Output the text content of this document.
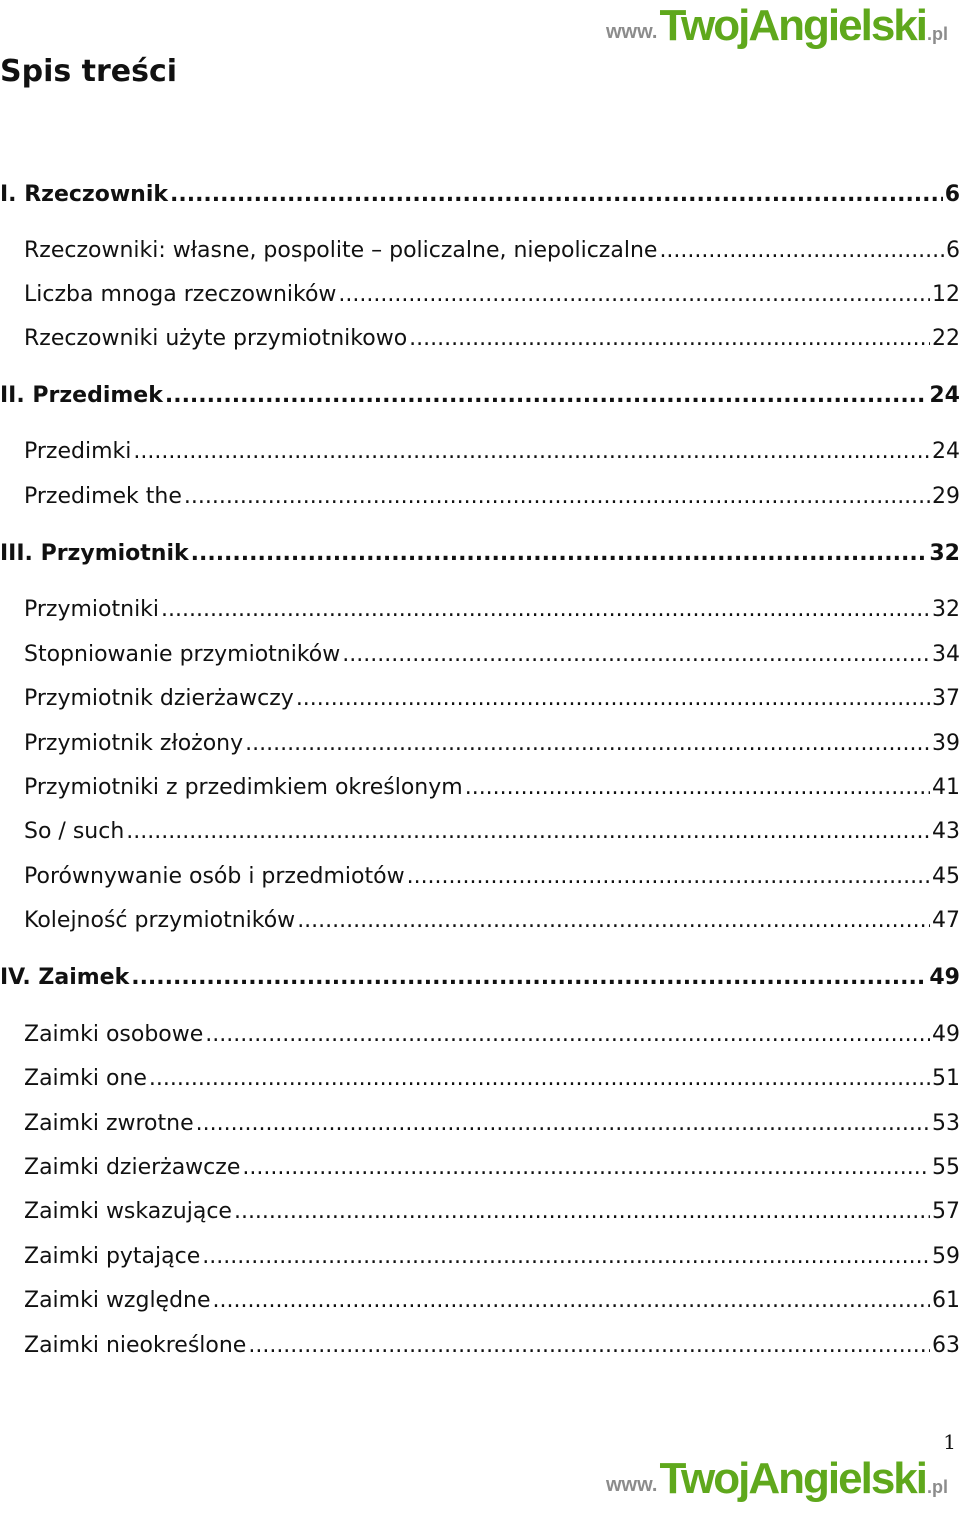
www. TwojAngielski .pl
Spis treści
I. Rzeczownik .....	6
Rzeczowniki: własne, pospolite – policzalne, niepoliczalne .....	6
Liczba mnoga rzeczowników .....	12
Rzeczowniki użyte przymiotnikowo .....	22
II. Przedimek .....	24
Przedimki .....	24
Przedimek the .....	29
III. Przymiotnik .....	32
Przymiotniki .....	32
Stopniowanie przymiotników .....	34
Przymiotnik dzierżawczy .....	37
Przymiotnik złożony .....	39
Przymiotniki z przedimkiem określonym .....	41
So / such .....	43
Porównywanie osób i przedmiotów .....	45
Kolejność przymiotników .....	47
IV. Zaimek .....	49
Zaimki osobowe .....	49
Zaimki one .....	51
Zaimki zwrotne .....	53
Zaimki dzierżawcze .....	55
Zaimki wskazujące .....	57
Zaimki pytające .....	59
Zaimki względne .....	61
Zaimki nieokreślone .....	63
1
www. TwojAngielski .pl
